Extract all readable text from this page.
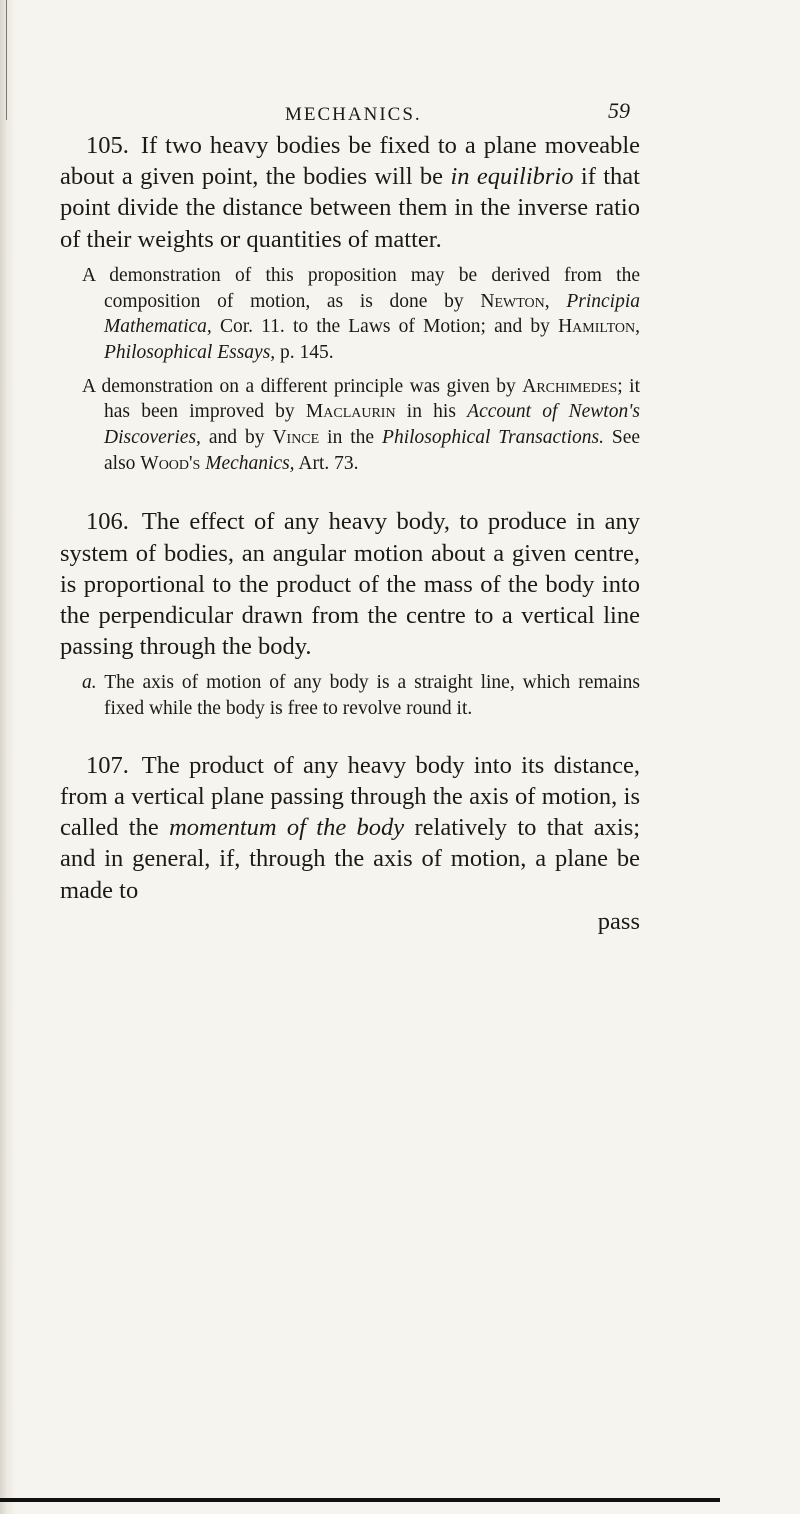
MECHANICS.	59

105. If two heavy bodies be fixed to a plane moveable about a given point, the bodies will be in equilibrio if that point divide the distance between them in the inverse ratio of their weights or quantities of matter.

A demonstration of this proposition may be derived from the composition of motion, as is done by Newton, Principia Mathematica, Cor. 11. to the Laws of Motion; and by Hamilton, Philosophical Essays, p. 145.

A demonstration on a different principle was given by Archimedes; it has been improved by Maclaurin in his Account of Newton's Discoveries, and by Vince in the Philosophical Transactions. See also Wood's Mechanics, Art. 73.

106. The effect of any heavy body, to produce in any system of bodies, an angular motion about a given centre, is proportional to the product of the mass of the body into the perpendicular drawn from the centre to a vertical line passing through the body.

a. The axis of motion of any body is a straight line, which remains fixed while the body is free to revolve round it.

107. The product of any heavy body into its distance, from a vertical plane passing through the axis of motion, is called the momentum of the body relatively to that axis; and in general, if, through the axis of motion, a plane be made to

pass
